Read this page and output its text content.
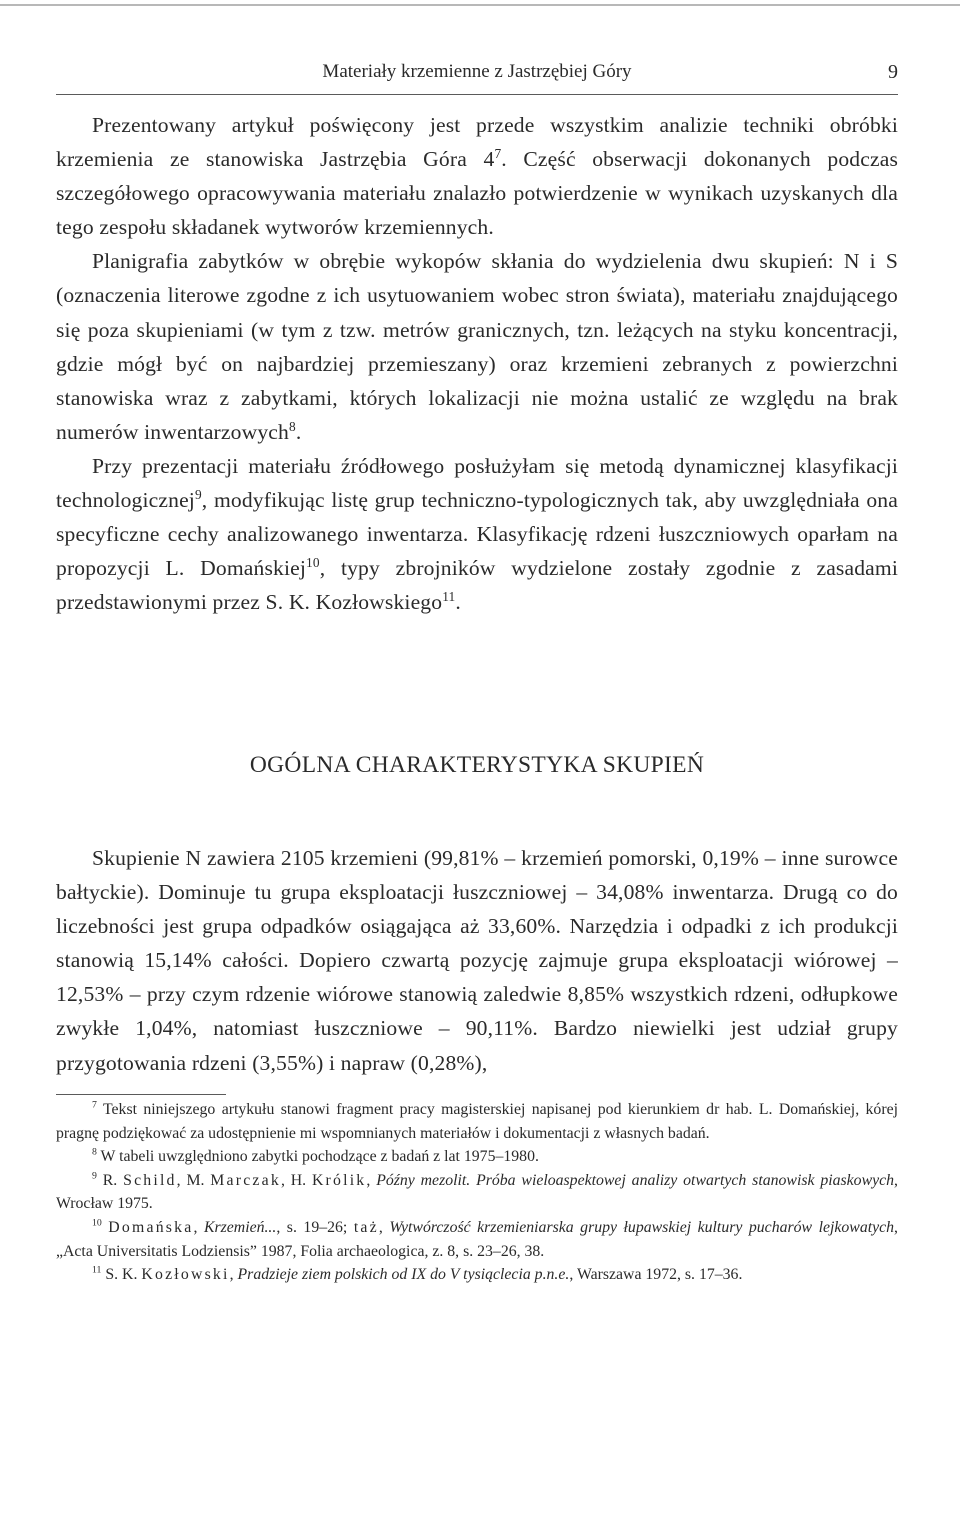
Materiały krzemienne z Jastrzębiej Góry	9

Prezentowany artykuł poświęcony jest przede wszystkim analizie techniki obróbki krzemienia ze stanowiska Jastrzębia Góra $4^7$. Część obserwacji dokonanych podczas szczegółowego opracowywania materiału znalazło potwierdzenie w wynikach uzyskanych dla tego zespołu składanek wytworów krzemiennych.

Planigrafia zabytków w obrębie wykopów skłania do wydzielenia dwu skupień: N i S (oznaczenia literowe zgodne z ich usytuowaniem wobec stron świata), materiału znajdującego się poza skupieniami (w tym z tzw. metrów granicznych, tzn. leżących na styku koncentracji, gdzie mógł być on najbardziej przemieszany) oraz krzemieni zebranych z powierzchni stanowiska wraz z zabytkami, których lokalizacji nie można ustalić ze względu na brak numerów inwentarzowych$^8$.

Przy prezentacji materiału źródłowego posłużyłam się metodą dynamicznej klasyfikacji technologicznej$^9$, modyfikując listę grup techniczno-typologicznych tak, aby uwzględniała ona specyficzne cechy analizowanego inwentarza. Klasyfikację rdzeni łuszczniowych oparłam na propozycji L. Domańskiej$^{10}$, typy zbrojników wydzielone zostały zgodnie z zasadami przedstawionymi przez S. K. Kozłowskiego$^{11}$.

OGÓLNA CHARAKTERYSTYKA SKUPIEŃ

Skupienie N zawiera 2105 krzemieni (99,81% – krzemień pomorski, 0,19% – inne surowce bałtyckie). Dominuje tu grupa eksploatacji łuszczniowej – 34,08% inwentarza. Drugą co do liczebności jest grupa odpadków osiągająca aż 33,60%. Narzędzia i odpadki z ich produkcji stanowią 15,14% całości. Dopiero czwartą pozycję zajmuje grupa eksploatacji wiórowej – 12,53% – przy czym rdzenie wiórowe stanowią zaledwie 8,85% wszystkich rdzeni, odłupkowe zwykłe 1,04%, natomiast łuszczniowe – 90,11%. Bardzo niewielki jest udział grupy przygotowania rdzeni (3,55%) i napraw (0,28%),

$^7$ Tekst niniejszego artykułu stanowi fragment pracy magisterskiej napisanej pod kierunkiem dr hab. L. Domańskiej, kórej pragnę podziękować za udostępnienie mi wspomnianych materiałów i dokumentacji z własnych badań.

$^8$ W tabeli uwzględniono zabytki pochodzące z badań z lat 1975–1980.

$^9$ R. Schild, M. Marczak, H. Królik, Późny mezolit. Próba wieloaspektowej analizy otwartych stanowisk piaskowych, Wrocław 1975.

$^{10}$ Domańska, Krzemień..., s. 19–26; taż, Wytwórczość krzemieniarska grupy łupawskiej kultury pucharów lejkowatych, „Acta Universitatis Lodziensis” 1987, Folia archaeologica, z. 8, s. 23–26, 38.

$^{11}$ S. K. Kozłowski, Pradzieje ziem polskich od IX do V tysiąclecia p.n.e., Warszawa 1972, s. 17–36.
